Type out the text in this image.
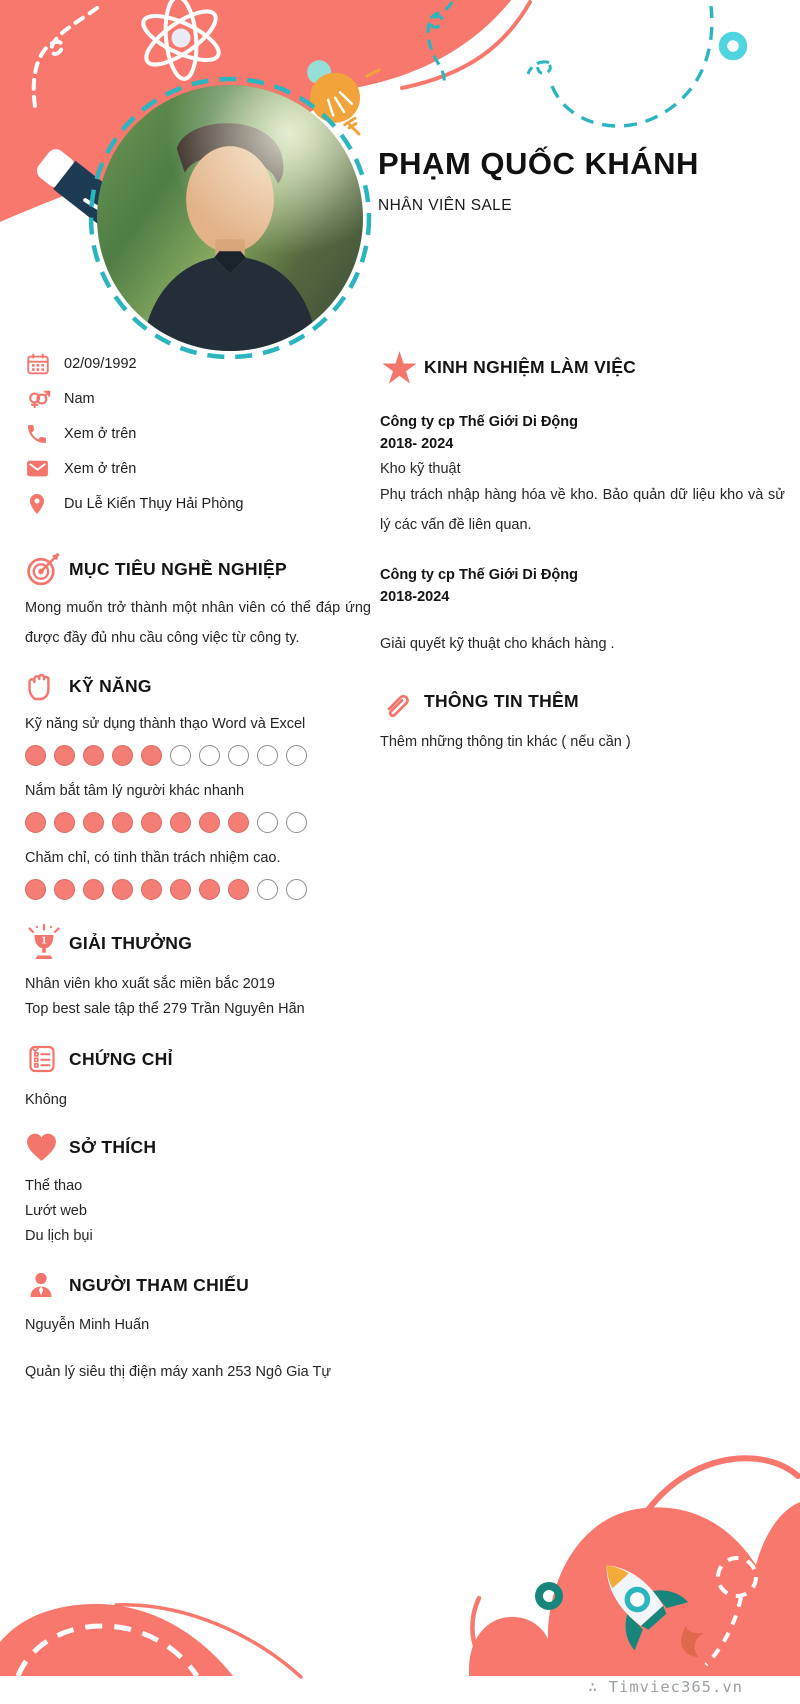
PHẠM QUỐC KHÁNH
NHÂN VIÊN SALE
02/09/1992
Nam
Xem ở trên
Xem ở trên
Du Lễ Kiến Thụy Hải Phòng
MỤC TIÊU NGHỀ NGHIỆP
Mong muốn trở thành một nhân viên có thể đáp ứng được đầy đủ nhu cầu công việc từ công ty.
KỸ NĂNG
Kỹ năng sử dụng thành thạo Word và Excel
Nắm bắt tâm lý người khác nhanh
Chăm chỉ, có tinh thần trách nhiệm cao.
1 GIẢI THƯỞNG
Nhân viên kho xuất sắc miền bắc 2019
Top best sale tập thể 279 Trần Nguyên Hãn
CHỨNG CHỈ
Không
SỞ THÍCH
Thể thao
Lướt web
Du lịch bụi
NGƯỜI THAM CHIẾU
Nguyễn Minh Huấn
Quản lý siêu thị điện máy xanh 253 Ngô Gia Tự
KINH NGHIỆM LÀM VIỆC
Công ty cp Thế Giới Di Động
2018- 2024
Kho kỹ thuật
Phụ trách nhập hàng hóa về kho. Bảo quản dữ liệu kho và sử lý các vấn đề liên quan.
Công ty cp Thế Giới Di Động
2018-2024
Giải quyết kỹ thuật cho khách hàng .
THÔNG TIN THÊM
Thêm những thông tin khác ( nếu cần )
∴ Timviec365.vn
